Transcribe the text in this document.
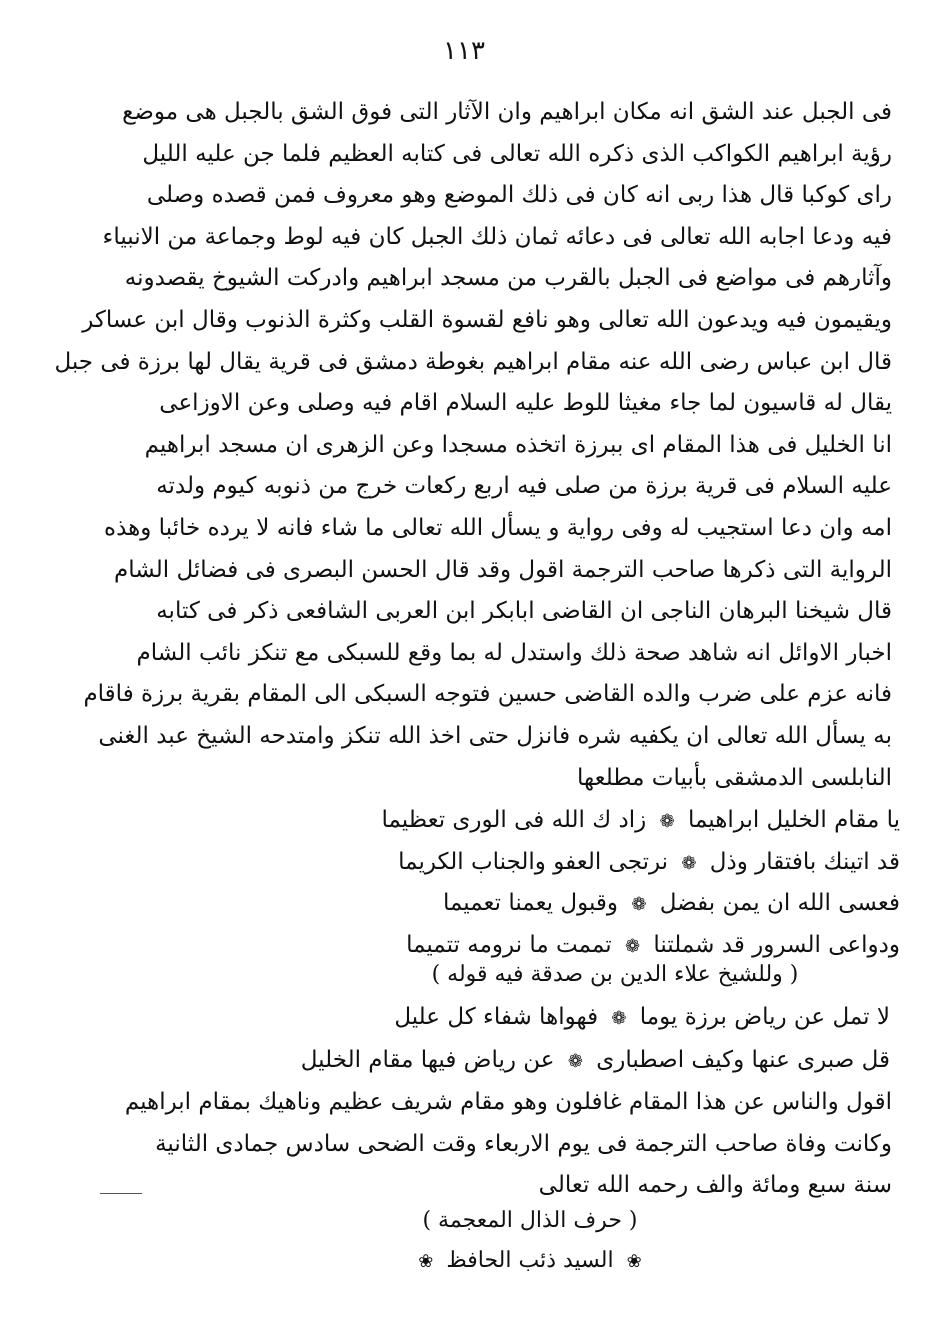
١١٣
فى الجبل عند الشق انه مكان ابراهيم وان الآثار التى فوق الشق بالجبل هى موضع
رؤية ابراهيم الكواكب الذى ذكره الله تعالى فى كتابه العظيم فلما جن عليه الليل
راى كوكبا قال هذا ربى انه كان فى ذلك الموضع وهو معروف فمن قصده وصلى
فيه ودعا اجابه الله تعالى فى دعائه ثمان ذلك الجبل كان فيه لوط وجماعة من الانبياء
وآثارهم فى مواضع فى الجبل بالقرب من مسجد ابراهيم وادركت الشيوخ يقصدونه
ويقيمون فيه ويدعون الله تعالى وهو نافع لقسوة القلب وكثرة الذنوب وقال ابن عساكر
قال ابن عباس رضى الله عنه مقام ابراهيم بغوطة دمشق فى قرية يقال لها برزة فى جبل
يقال له قاسيون لما جاء مغيثا للوط عليه السلام اقام فيه وصلى وعن الاوزاعى
انا الخليل فى هذا المقام اى ببرزة اتخذه مسجدا وعن الزهرى ان مسجد ابراهيم
عليه السلام فى قرية برزة من صلى فيه اربع ركعات خرج من ذنوبه كيوم ولدته
امه وان دعا استجيب له وفى رواية و يسأل الله تعالى ما شاء فانه لا يرده خائبا وهذه
الرواية التى ذكرها صاحب الترجمة اقول وقد قال الحسن البصرى فى فضائل الشام
قال شيخنا البرهان الناجى ان القاضى ابابكر ابن العربى الشافعى ذكر فى كتابه
اخبار الاوائل انه شاهد صحة ذلك واستدل له بما وقع للسبكى مع تنكز نائب الشام
فانه عزم على ضرب والده القاضى حسين فتوجه السبكى الى المقام بقرية برزة فاقام
به يسأل الله تعالى ان يكفيه شره فانزل حتى اخذ الله تنكز وامتدحه الشيخ عبد الغنى
النابلسى الدمشقى بأبيات مطلعها
يا مقام الخليل ابراهيما ❁ زاد ك الله فى الورى تعظيما
قد اتينك بافتقار وذل ❁ نرتجى العفو والجناب الكريما
فعسى الله ان يمن بفضل ❁ وقبول يعمنا تعميما
ودواعى السرور قد شملتنا ❁ تممت ما نرومه تتميما
( وللشيخ علاء الدين بن صدقة فيه قوله )
لا تمل عن رياض برزة يوما ❁ فهواها شفاء كل عليل
قل صبرى عنها وكيف اصطبارى ❁ عن رياض فيها مقام الخليل
اقول والناس عن هذا المقام غافلون وهو مقام شريف عظيم وناهيك بمقام ابراهيم
وكانت وفاة صاحب الترجمة فى يوم الاربعاء وقت الضحى سادس جمادى الثانية
سنة سبع ومائة والف رحمه الله تعالى
( حرف الذال المعجمة )
❀ السيد ذئب الحافظ ❀
